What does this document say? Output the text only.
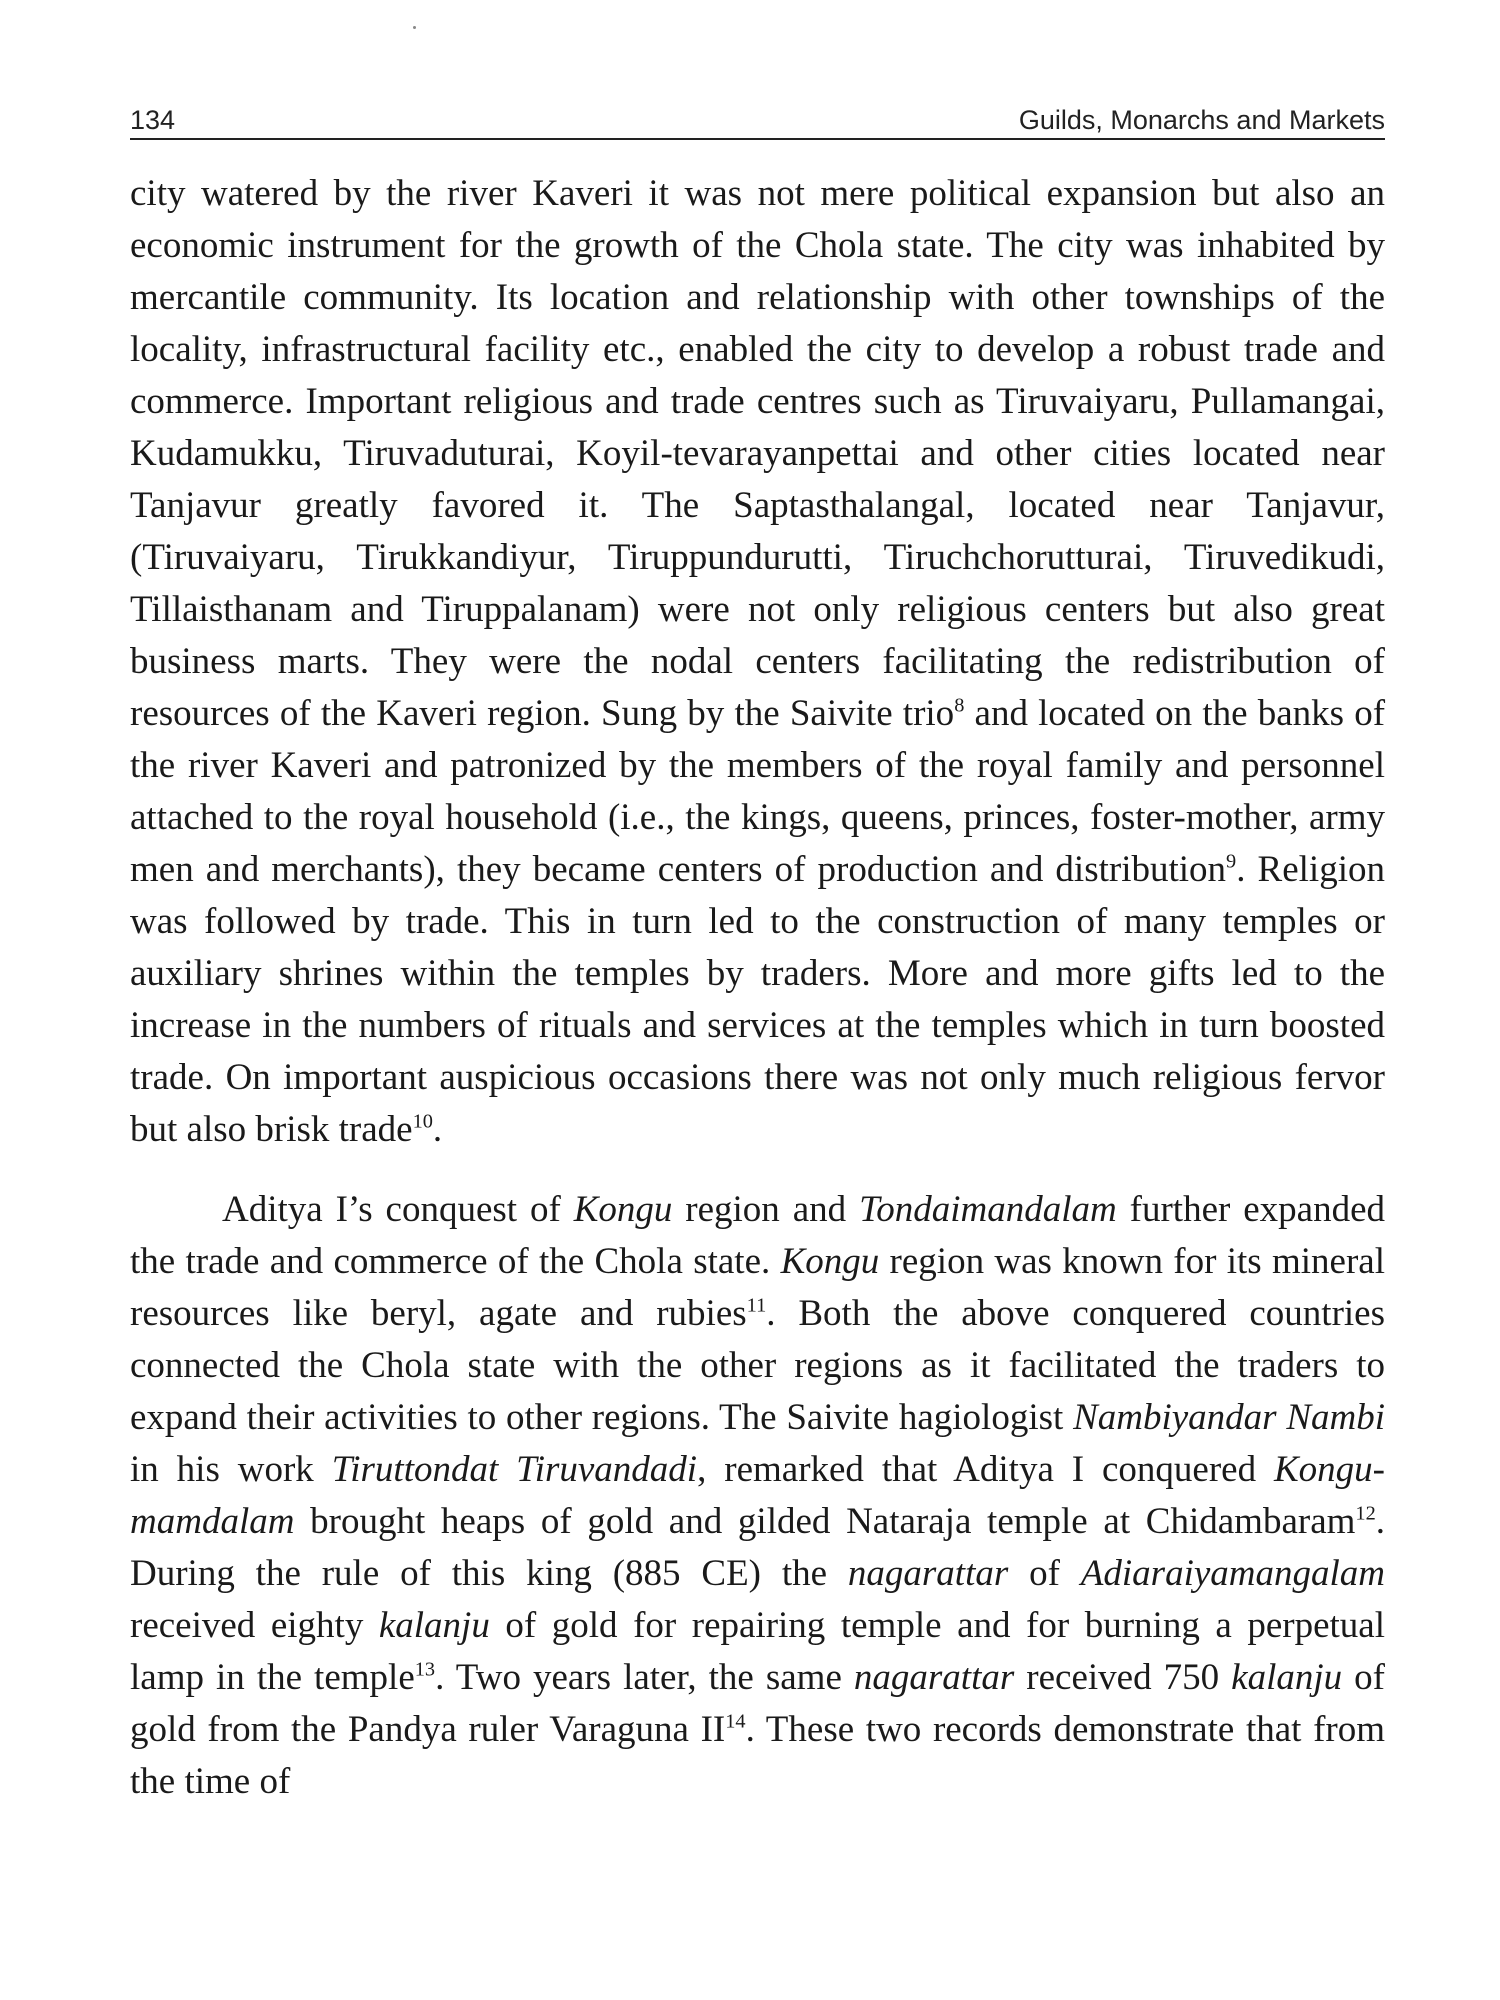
134	Guilds, Monarchs and Markets

city watered by the river Kaveri it was not mere political expansion but also an economic instrument for the growth of the Chola state. The city was inhabited by mercantile community. Its location and relationship with other townships of the locality, infrastructural facility etc., enabled the city to develop a robust trade and commerce. Important religious and trade centres such as Tiruvaiyaru, Pullamangai, Kudamukku, Tiruvaduturai, Koyil-tevarayanpettai and other cities located near Tanjavur greatly favored it. The Saptasthalangal, located near Tanjavur, (Tiruvaiyaru, Tirukkandiyur, Tiruppundurutti, Tiruchchorutturai, Tiruvedikudi, Tillaisthanam and Tiruppalanam) were not only religious centers but also great business marts. They were the nodal centers facilitating the redistribution of resources of the Kaveri region. Sung by the Saivite trio$^8$ and located on the banks of the river Kaveri and patronized by the members of the royal family and personnel attached to the royal household (i.e., the kings, queens, princes, foster-mother, army men and merchants), they became centers of production and distribution$^9$. Religion was followed by trade. This in turn led to the construction of many temples or auxiliary shrines within the temples by traders. More and more gifts led to the increase in the numbers of rituals and services at the temples which in turn boosted trade. On important auspicious occasions there was not only much religious fervor but also brisk trade$^{10}$.

Aditya I’s conquest of Kongu region and Tondaimandalam further expanded the trade and commerce of the Chola state. Kongu region was known for its mineral resources like beryl, agate and rubies$^{11}$. Both the above conquered countries connected the Chola state with the other regions as it facilitated the traders to expand their activities to other regions. The Saivite hagiologist Nambiyandar Nambi in his work Tiruttondat Tiruvandadi, remarked that Aditya I conquered Kongu-mamdalam brought heaps of gold and gilded Nataraja temple at Chidambaram$^{12}$. During the rule of this king (885 CE) the nagarattar of Adiaraiyamangalam received eighty kalanju of gold for repairing temple and for burning a perpetual lamp in the temple$^{13}$. Two years later, the same nagarattar received 750 kalanju of gold from the Pandya ruler Varaguna II$^{14}$. These two records demonstrate that from the time of
